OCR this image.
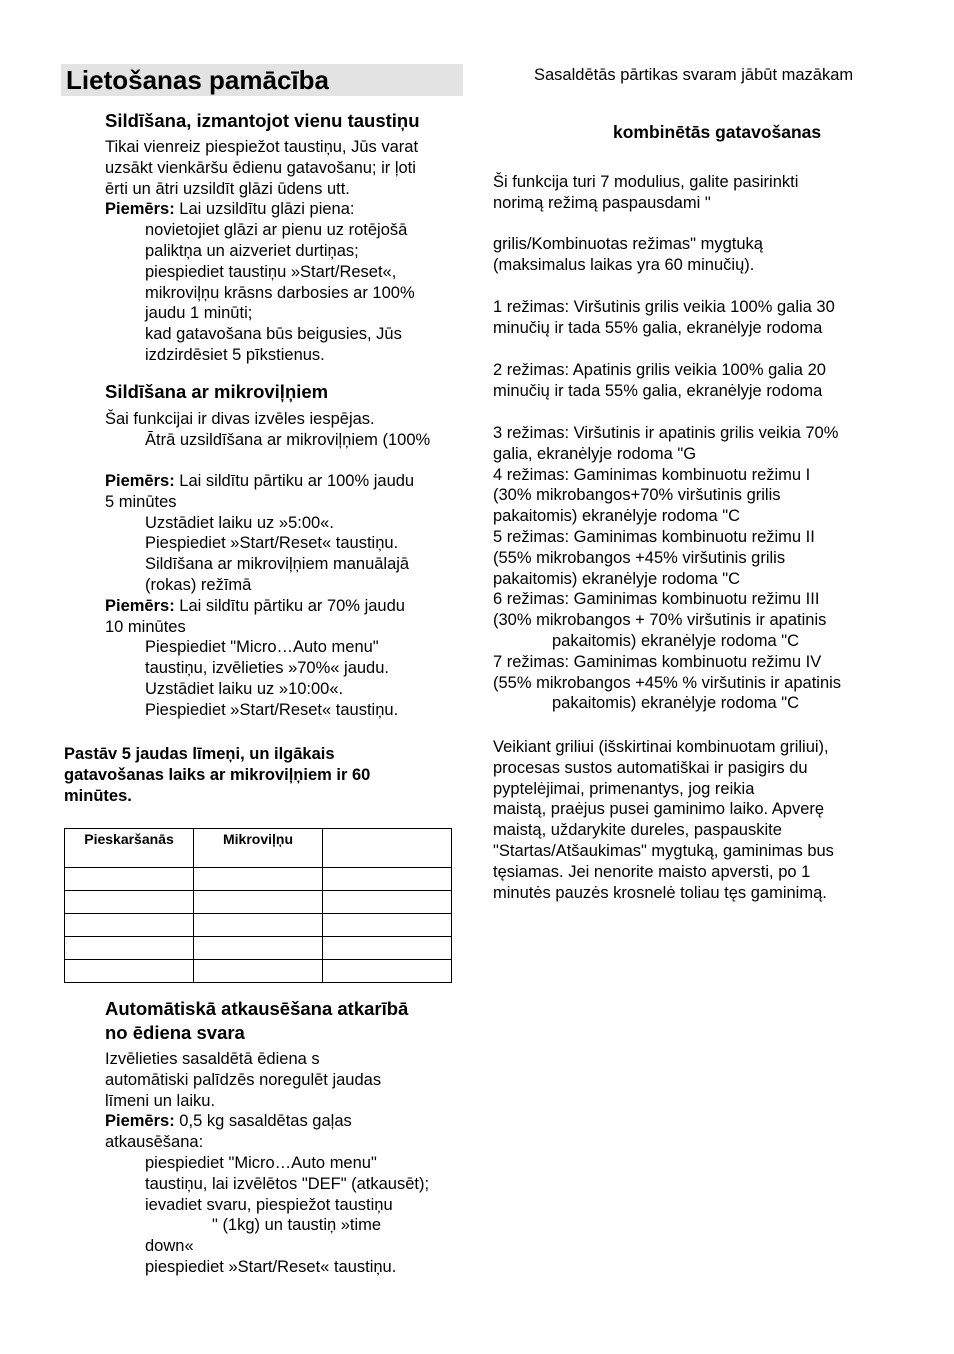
Lietošanas pamācība
Sildīšana, izmantojot vienu taustiņu
Tikai vienreiz piespiežot taustiņu, Jūs varat
uzsākt vienkāršu ēdienu gatavošanu; ir ļoti
ērti un ātri uzsildīt glāzi ūdens utt.
Piemērs: Lai uzsildītu glāzi piena:
novietojiet glāzi ar pienu uz rotējošā
paliktņa un aizveriet durtiņas;
piespiediet taustiņu »Start/Reset«,
mikroviļņu krāsns darbosies ar 100%
jaudu 1 minūti;
kad gatavošana būs beigusies, Jūs
izdzirdēsiet 5 pīkstienus.
Sildīšana ar mikroviļņiem
Šai funkcijai ir divas izvēles iespējas.
Ātrā uzsildīšana ar mikroviļņiem (100%
Piemērs: Lai sildītu pārtiku ar 100% jaudu
5 minūtes
Uzstādiet laiku uz »5:00«.
Piespiediet »Start/Reset« taustiņu.
Sildīšana ar mikroviļņiem manuālajā
(rokas) režīmā
Piemērs: Lai sildītu pārtiku ar 70% jaudu
10 minūtes
Piespiediet "Micro…Auto menu"
taustiņu, izvēlieties »70%« jaudu.
Uzstādiet laiku uz »10:00«.
Piespiediet »Start/Reset« taustiņu.
Pastāv 5 jaudas līmeņi, un ilgākais
gatavošanas laiks ar mikroviļņiem ir 60
minūtes.
Pieskaršanās	Mikroviļņu	

Automātiskā atkausēšana atkarībā
no ēdiena svara
Izvēlieties sasaldētā ēdiena s
automātiski palīdzēs noregulēt jaudas
līmeni un laiku.
Piemērs: 0,5 kg sasaldētas gaļas
atkausēšana:
piespiediet "Micro…Auto menu"
taustiņu, lai izvēlētos "DEF" (atkausēt);
ievadiet svaru, piespiežot taustiņu
" (1kg) un taustiņ »time
down«
piespiediet »Start/Reset« taustiņu.
Sasaldētās pārtikas svaram jābūt mazākam
kombinētās gatavošanas
Ši funkcija turi 7 modulius, galite pasirinkti
norimą režimą paspausdami "
grilis/Kombinuotas režimas" mygtuką
(maksimalus laikas yra 60 minučių).
1 režimas: Viršutinis grilis veikia 100% galia 30
minučių ir tada 55% galia, ekranėlyje rodoma
2 režimas: Apatinis grilis veikia 100% galia 20
minučių ir tada 55% galia, ekranėlyje rodoma
3 režimas: Viršutinis ir apatinis grilis veikia 70%
galia, ekranėlyje rodoma "G
4 režimas: Gaminimas kombinuotu režimu I
(30% mikrobangos+70% viršutinis grilis
pakaitomis) ekranėlyje rodoma "C
5 režimas: Gaminimas kombinuotu režimu II
(55% mikrobangos +45% viršutinis grilis
pakaitomis) ekranėlyje rodoma "C
6 režimas: Gaminimas kombinuotu režimu III
(30% mikrobangos + 70% viršutinis ir apatinis
pakaitomis) ekranėlyje rodoma "C
7 režimas: Gaminimas kombinuotu režimu IV
(55% mikrobangos +45% % viršutinis ir apatinis
pakaitomis) ekranėlyje rodoma "C
Veikiant griliui (išskirtinai kombinuotam griliui),
procesas sustos automatiškai ir pasigirs du
pyptelėjimai, primenantys, jog reikia
maistą, praėjus pusei gaminimo laiko. Apverę
maistą, uždarykite dureles, paspauskite
"Startas/Atšaukimas" mygtuką, gaminimas bus
tęsiamas. Jei nenorite maisto apversti, po 1
minutės pauzės krosnelė toliau tęs gaminimą.
